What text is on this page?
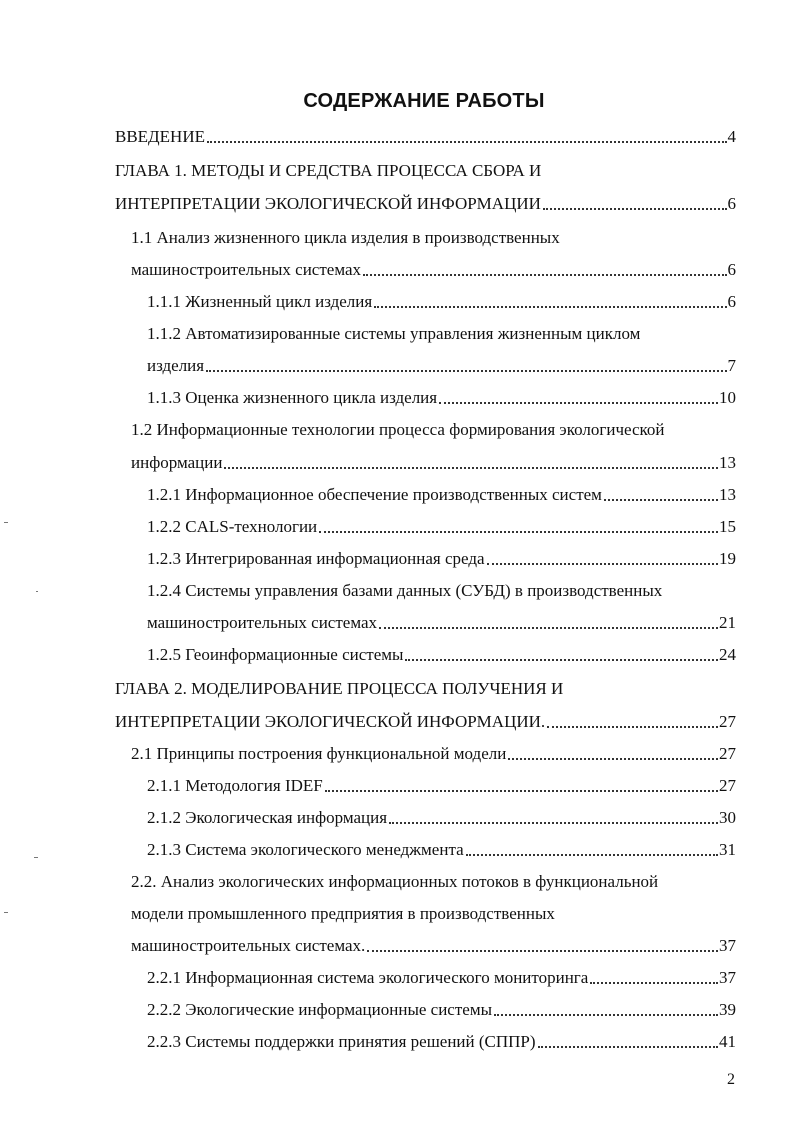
СОДЕРЖАНИЕ РАБОТЫ
ВВЕДЕНИЕ	4
ГЛАВА 1. МЕТОДЫ И СРЕДСТВА ПРОЦЕССА СБОРА И
ИНТЕРПРЕТАЦИИ ЭКОЛОГИЧЕСКОЙ ИНФОРМАЦИИ	6
1.1 Анализ жизненного цикла изделия в производственных
машиностроительных системах	6
1.1.1 Жизненный цикл изделия	6
1.1.2 Автоматизированные системы управления жизненным циклом
изделия	7
1.1.3 Оценка жизненного цикла изделия	10
1.2 Информационные технологии процесса формирования экологической
информации	13
1.2.1 Информационное обеспечение производственных систем	13
1.2.2 CALS-технологии	15
1.2.3 Интегрированная информационная среда	19
1.2.4 Системы управления базами данных (СУБД) в производственных
машиностроительных системах	21
1.2.5 Геоинформационные системы	24
ГЛАВА 2. МОДЕЛИРОВАНИЕ ПРОЦЕССА ПОЛУЧЕНИЯ И
ИНТЕРПРЕТАЦИИ ЭКОЛОГИЧЕСКОЙ ИНФОРМАЦИИ.	27
2.1 Принципы построения функциональной модели	27
2.1.1 Методология IDEF	27
2.1.2 Экологическая информация	30
2.1.3 Система экологического менеджмента	31
2.2. Анализ экологических информационных потоков в функциональной
модели промышленного предприятия в производственных
машиностроительных системах.	37
2.2.1 Информационная система экологического мониторинга	37
2.2.2 Экологические информационные системы	39
2.2.3 Системы поддержки принятия решений (СППР)	41
2
